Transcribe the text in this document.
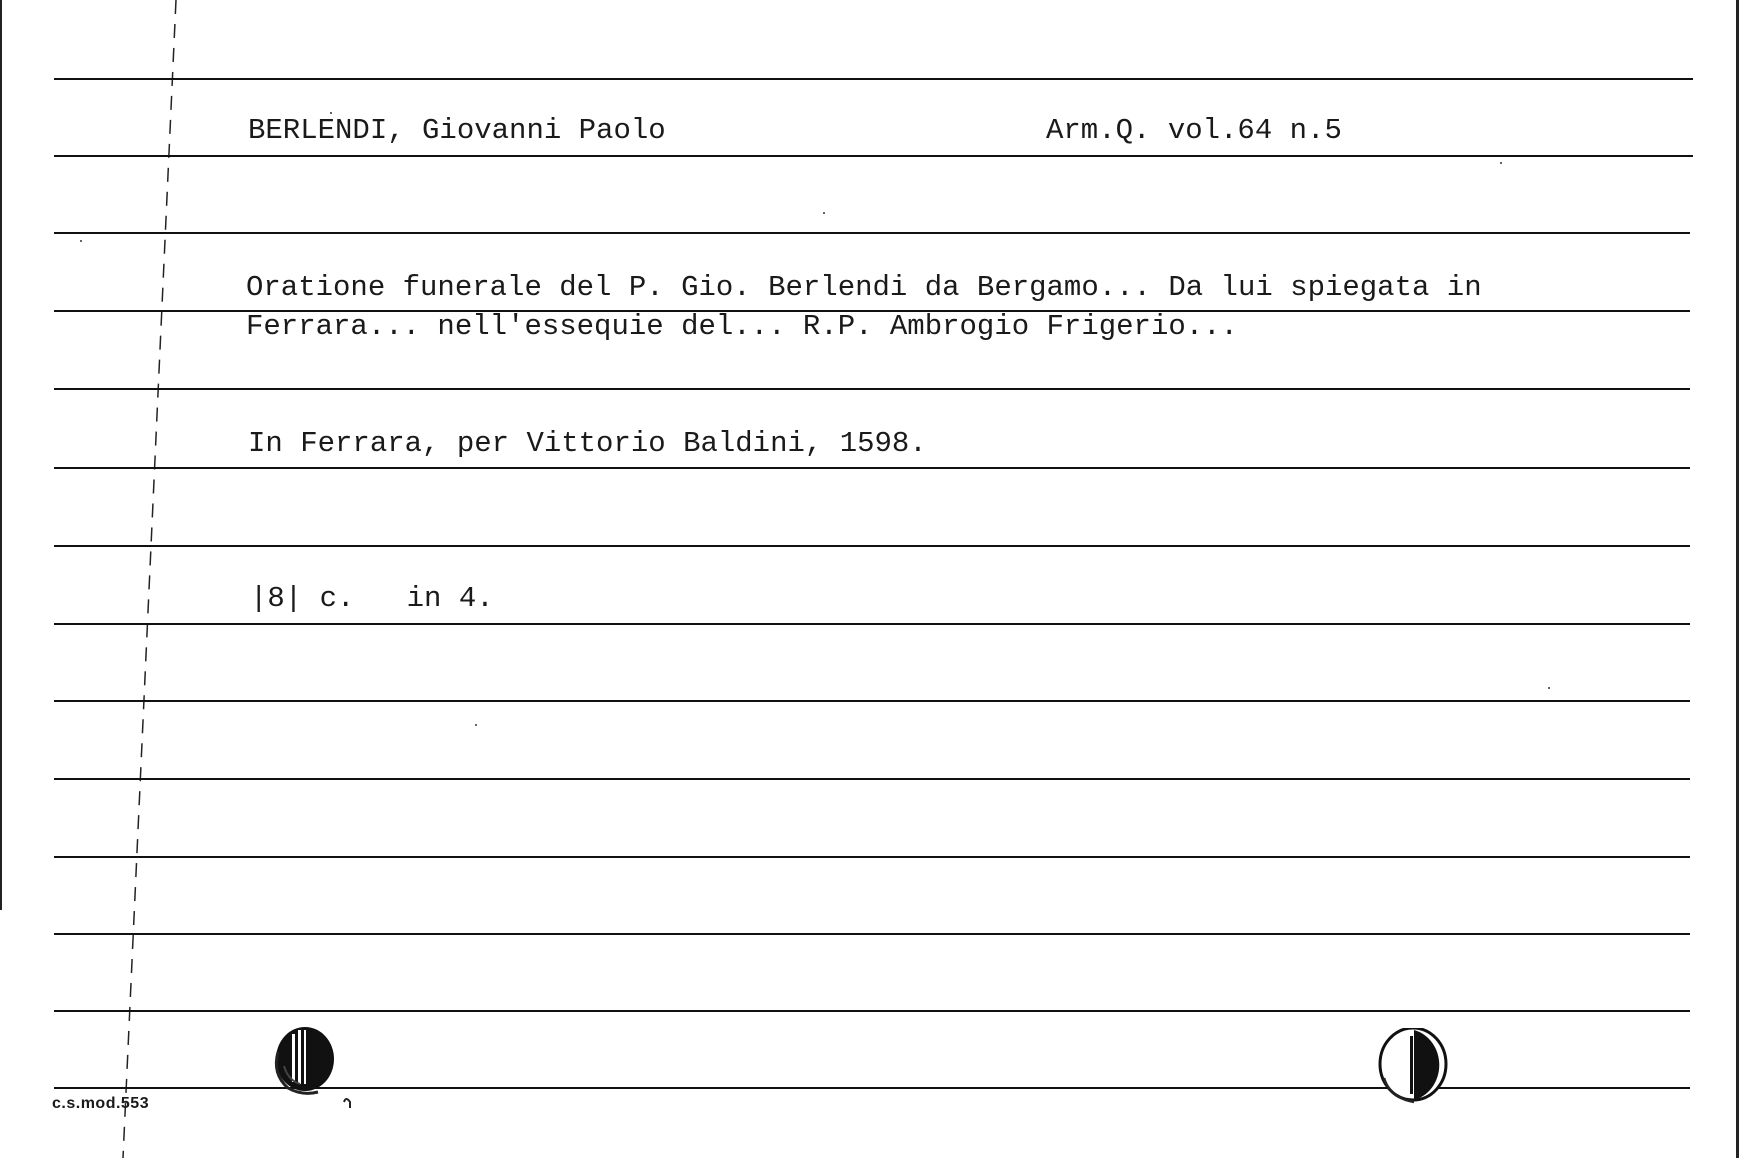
BERLENDI, Giovanni Paolo	Arm.Q. vol.64 n.5
Oratione funerale del P. Gio. Berlendi da Bergamo... Da lui spiegata in
Ferrara... nell'essequie del... R.P. Ambrogio Frigerio...
In Ferrara, per Vittorio Baldini, 1598.
|8| c.   in 4.
c.s.mod.553
